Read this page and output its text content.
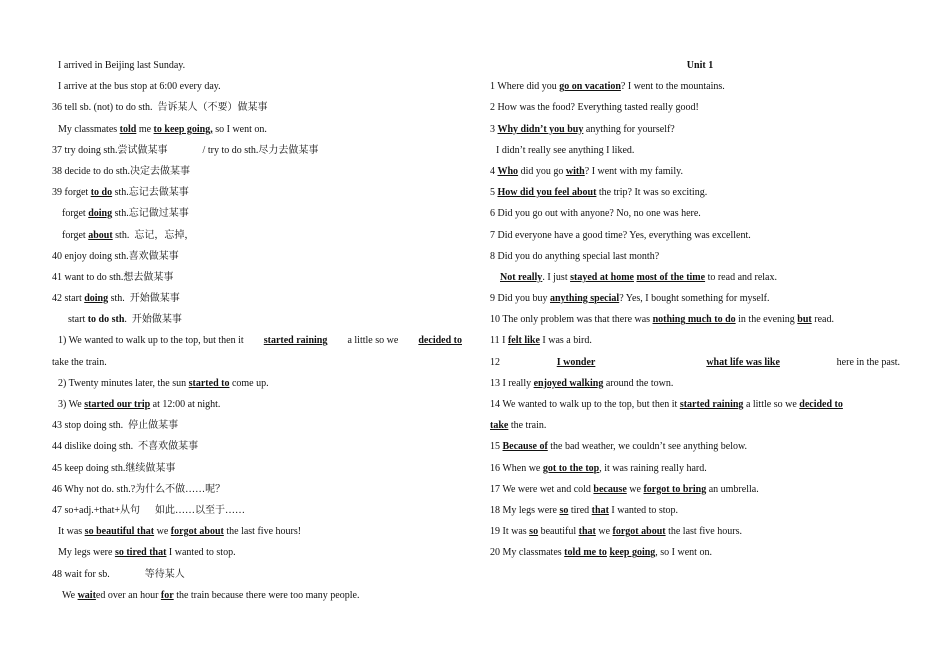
I arrived in Beijing last Sunday.
I arrive at the bus stop at 6:00 every day.
36 tell sb. (not) to do sth.  告诉某人（不要）做某事
My classmates told me to keep going, so I went on.
37 try doing sth.尝试做某事              / try to do sth.尽力去做某事
38 decide to do sth.决定去做某事
39 forget to do sth.忘记去做某事
forget doing sth.忘记做过某事
forget about sth.  忘记，忘掉，
40 enjoy doing sth.喜欢做某事
41 want to do sth.想去做某事
42 start doing sth.  开始做某事
start to do sth.  开始做某事
1) We wanted to walk up to the top, but then it started raining a little so we decided to
take the train.
2) Twenty minutes later, the sun started to come up.
3) We started our trip at 12:00 at night.
43 stop doing sth.  停止做某事
44 dislike doing sth.  不喜欢做某事
45 keep doing sth.继续做某事
46 Why not do. sth.?为什么不做……呢？
47 so+adj.+that+从句      如此……以至于……
It was so beautiful that we forgot about the last five hours!
My legs were so tired that I wanted to stop.
48 wait for sb.              等待某人
We waited over an hour for the train because there were too many people.
Unit 1
1 Where did you go on vacation? I went to the mountains.
2 How was the food? Everything tasted really good!
3 Why didn’t you buy anything for yourself?
I didn’t really see anything I liked.
4 Who did you go with? I went with my family.
5 How did you feel about the trip? It was so exciting.
6 Did you go out with anyone? No, no one was here.
7 Did everyone have a good time? Yes, everything was excellent.
8 Did you do anything special last month?
Not really. I just stayed at home most of the time to read and relax.
9 Did you buy anything special? Yes, I bought something for myself.
10 The only problem was that there was nothing much to do in the evening but read.
11 I felt like I was a bird.
12	I wonder
	what life was like	here in the past.
13 I really enjoyed walking around the town.
14 We wanted to walk up to the top, but then it started raining a little so we decided to
take the train.
15 Because of the bad weather, we couldn’t see anything below.
16 When we got to the top, it was raining really hard.
17 We were wet and cold because we forgot to bring an umbrella.
18 My legs were so tired that I wanted to stop.
19 It was so beautiful that we forgot about the last five hours.
20 My classmates told me to keep going, so I went on.
